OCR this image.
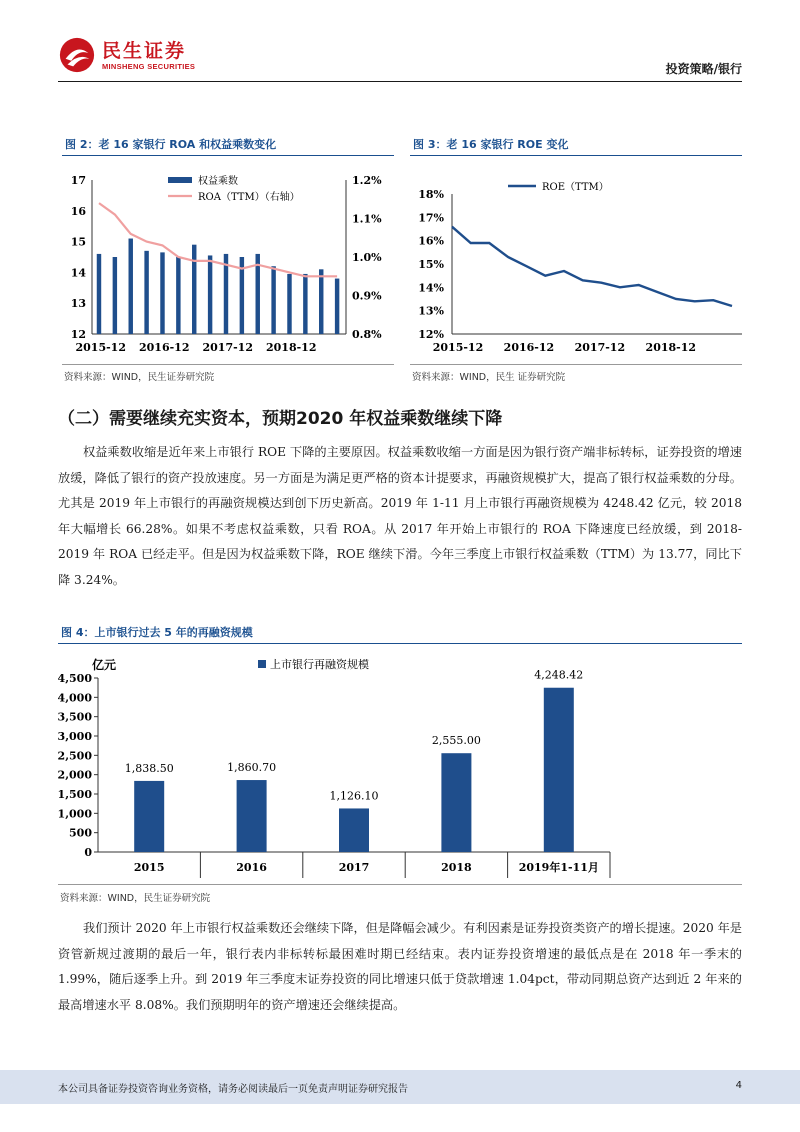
民生证券
MINSHENG SECURITIES	投资策略/银行
图 2：老 16 家银行 ROA 和权益乘数变化
12
13
14
15
16
17
0.8%
0.9%
1.0%
1.1%
1.2%
2015-12 2016-12 2017-12 2018-12
权益乘数
ROA（TTM）（右轴）
资料来源：WIND，民生证券研究院
图 3：老 16 家银行 ROE 变化
12%
13%
14%
15%
16%
17%
18%
2015-12 2016-12 2017-12 2018-12
ROE（TTM）
资料来源：WIND，民生 证券研究院
（二）需要继续充实资本，预期2020 年权益乘数继续下降
权益乘数收缩是近年来上市银行 ROE 下降的主要原因。权益乘数收缩一方面是因为银行资产端非标转标，证券投资的增速放缓，降低了银行的资产投放速度。另一方面是为满足更严格的资本计提要求，再融资规模扩大，提高了银行权益乘数的分母。尤其是 2019 年上市银行的再融资规模达到创下历史新高。2019 年 1-11 月上市银行再融资规模为 4248.42 亿元，较 2018 年大幅增长 66.28%。如果不考虑权益乘数，只看 ROA。从 2017 年开始上市银行的 ROA 下降速度已经放缓，到 2018-2019 年 ROA 已经走平。但是因为权益乘数下降，ROE 继续下滑。今年三季度上市银行权益乘数（TTM）为 13.77，同比下降 3.24%。
图 4：上市银行过去 5 年的再融资规模
亿元
0
500
1,000
1,500
2,000
2,500
3,000
3,500
4,000
4,500
1,838.50
2015
1,860.70
2016
1,126.10
2017
2,555.00
2018
4,248.42
2019年1-11月
上市银行再融资规模
资料来源：WIND，民生证券研究院
我们预计 2020 年上市银行权益乘数还会继续下降，但是降幅会减少。有利因素是证券投资类资产的增长提速。2020 年是资管新规过渡期的最后一年，银行表内非标转标最困难时期已经结束。表内证券投资增速的最低点是在 2018 年一季末的 1.99%，随后逐季上升。到 2019 年三季度末证券投资的同比增速只低于贷款增速 1.04pct，带动同期总资产达到近 2 年来的最高增速水平 8.08%。我们预期明年的资产增速还会继续提高。
本公司具备证券投资咨询业务资格，请务必阅读最后一页免责声明证券研究报告	4
